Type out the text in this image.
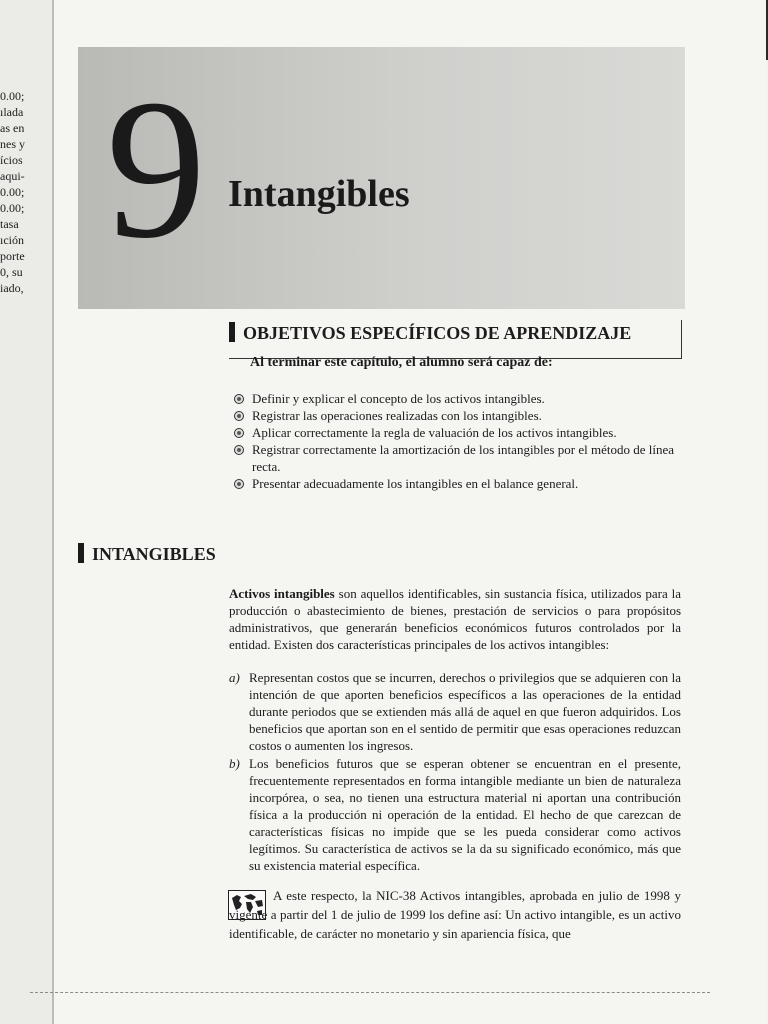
0.00;
ılada
as en
nes y
ícios
aqui-
0.00;
0.00;
tasa
ıción
porte
0, su
iado,
9 Intangibles
OBJETIVOS ESPECÍFICOS DE APRENDIZAJE
Al terminar este capítulo, el alumno será capaz de:
Definir y explicar el concepto de los activos intangibles.
Registrar las operaciones realizadas con los intangibles.
Aplicar correctamente la regla de valuación de los activos intangibles.
Registrar correctamente la amortización de los intangibles por el método de línea recta.
Presentar adecuadamente los intangibles en el balance general.
INTANGIBLES

Activos intangibles son aquellos identificables, sin sustancia física, utilizados para la producción o abastecimiento de bienes, prestación de servicios o para propósitos administrativos, que generarán beneficios económicos futuros controlados por la entidad. Existen dos características principales de los activos intangibles:

a) Representan costos que se incurren, derechos o privilegios que se adquieren con la intención de que aporten beneficios específicos a las operaciones de la entidad durante periodos que se extienden más allá de aquel en que fueron adquiridos. Los beneficios que aportan son en el sentido de permitir que esas operaciones reduzcan costos o aumenten los ingresos.
b) Los beneficios futuros que se esperan obtener se encuentran en el presente, frecuentemente representados en forma intangible mediante un bien de naturaleza incorpórea, o sea, no tienen una estructura material ni aportan una contribución física a la producción ni operación de la entidad. El hecho de que carezcan de características físicas no impide que se les pueda considerar como activos legítimos. Su característica de activos se la da su significado económico, más que su existencia material específica.

A este respecto, la NIC-38 Activos intangibles, aprobada en julio de 1998 y vigente a partir del 1 de julio de 1999 los define así: Un activo intangible, es un activo identificable, de carácter no monetario y sin apariencia física, que
